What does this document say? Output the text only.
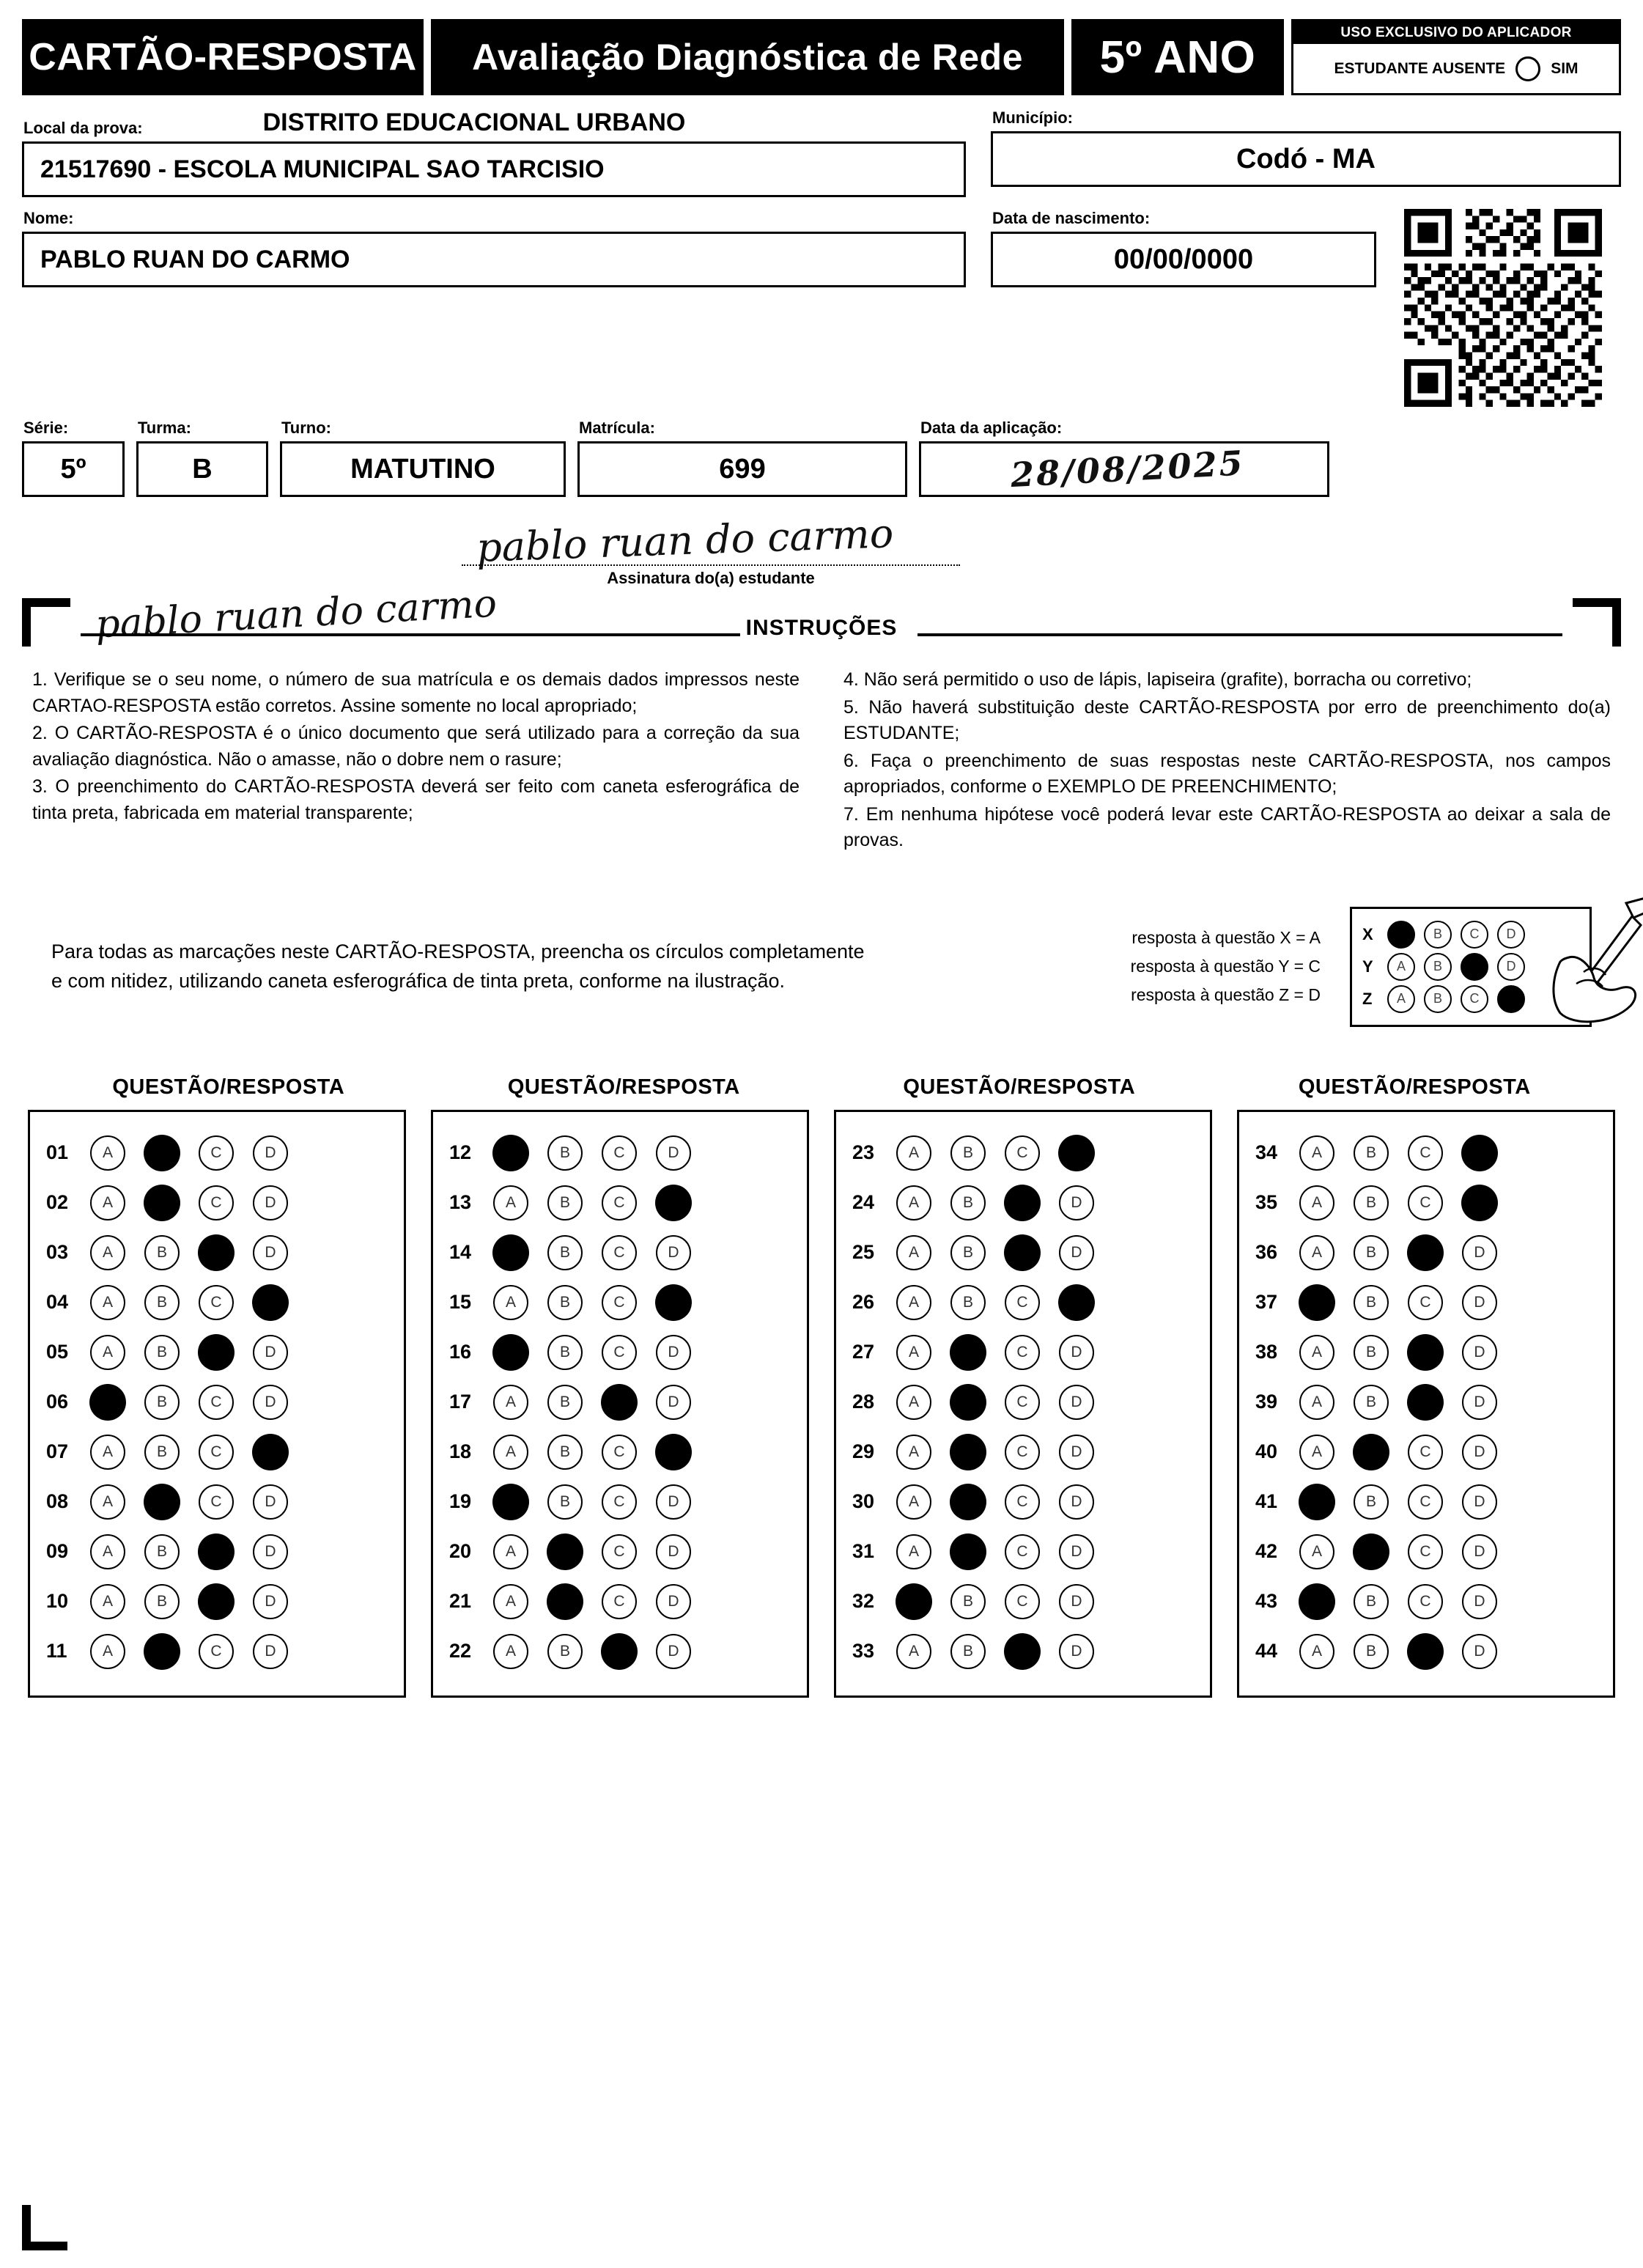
CARTÃO-RESPOSTA	Avaliação Diagnóstica de Rede	5º ANO	USO EXCLUSIVO DO APLICADOR
ESTUDANTE AUSENTE	SIM
Local da prova:	DISTRITO EDUCACIONAL URBANO
21517690 - ESCOLA MUNICIPAL SAO TARCISIO
Município:
Codó - MA
Nome:
PABLO RUAN DO CARMO
Data de nascimento:
00/00/0000
Série:
5º
Turma:
B
Turno:
MATUTINO
Matrícula:
699
Data da aplicação:
28/08/2025
pablo ruan do carmo
Assinatura do(a) estudante
pablo ruan do carmo	INSTRUÇÕES

1. Verifique se o seu nome, o número de sua matrícula e os demais dados impressos neste CARTAO-RESPOSTA estão corretos. Assine somente no local apropriado;

2. O CARTÃO-RESPOSTA é o único documento que será utilizado para a correção da sua avaliação diagnóstica. Não o amasse, não o dobre nem o rasure;

3. O preenchimento do CARTÃO-RESPOSTA deverá ser feito com caneta esferográfica de tinta preta, fabricada em material transparente;

4. Não será permitido o uso de lápis, lapiseira (grafite), borracha ou corretivo;

5. Não haverá substituição deste CARTÃO-RESPOSTA por erro de preenchimento do(a) ESTUDANTE;

6. Faça o preenchimento de suas respostas neste CARTÃO-RESPOSTA, nos campos apropriados, conforme o EXEMPLO DE PREENCHIMENTO;

7. Em nenhuma hipótese você poderá levar este CARTÃO-RESPOSTA ao deixar a sala de provas.

Para todas as marcações neste CARTÃO-RESPOSTA, preencha os círculos completamente e com nitidez, utilizando caneta esferográfica de tinta preta, conforme na ilustração.
resposta à questão X = A
resposta à questão Y = C
resposta à questão Z = D
X	A	B	C	D
Y	A	B	C	D
Z	A	B	C	D
QUESTÃO/RESPOSTA	QUESTÃO/RESPOSTA	QUESTÃO/RESPOSTA	QUESTÃO/RESPOSTA
01	A	B	C	D
02	A	B	C	D
03	A	B	C	D
04	A	B	C	D
05	A	B	C	D
06	A	B	C	D
07	A	B	C	D
08	A	B	C	D
09	A	B	C	D
10	A	B	C	D
11	A	B	C	D
12	A	B	C	D
13	A	B	C	D
14	A	B	C	D
15	A	B	C	D
16	A	B	C	D
17	A	B	C	D
18	A	B	C	D
19	A	B	C	D
20	A	B	C	D
21	A	B	C	D
22	A	B	C	D
23	A	B	C	D
24	A	B	C	D
25	A	B	C	D
26	A	B	C	D
27	A	B	C	D
28	A	B	C	D
29	A	B	C	D
30	A	B	C	D
31	A	B	C	D
32	A	B	C	D
33	A	B	C	D
34	A	B	C	D
35	A	B	C	D
36	A	B	C	D
37	A	B	C	D
38	A	B	C	D
39	A	B	C	D
40	A	B	C	D
41	A	B	C	D
42	A	B	C	D
43	A	B	C	D
44	A	B	C	D
